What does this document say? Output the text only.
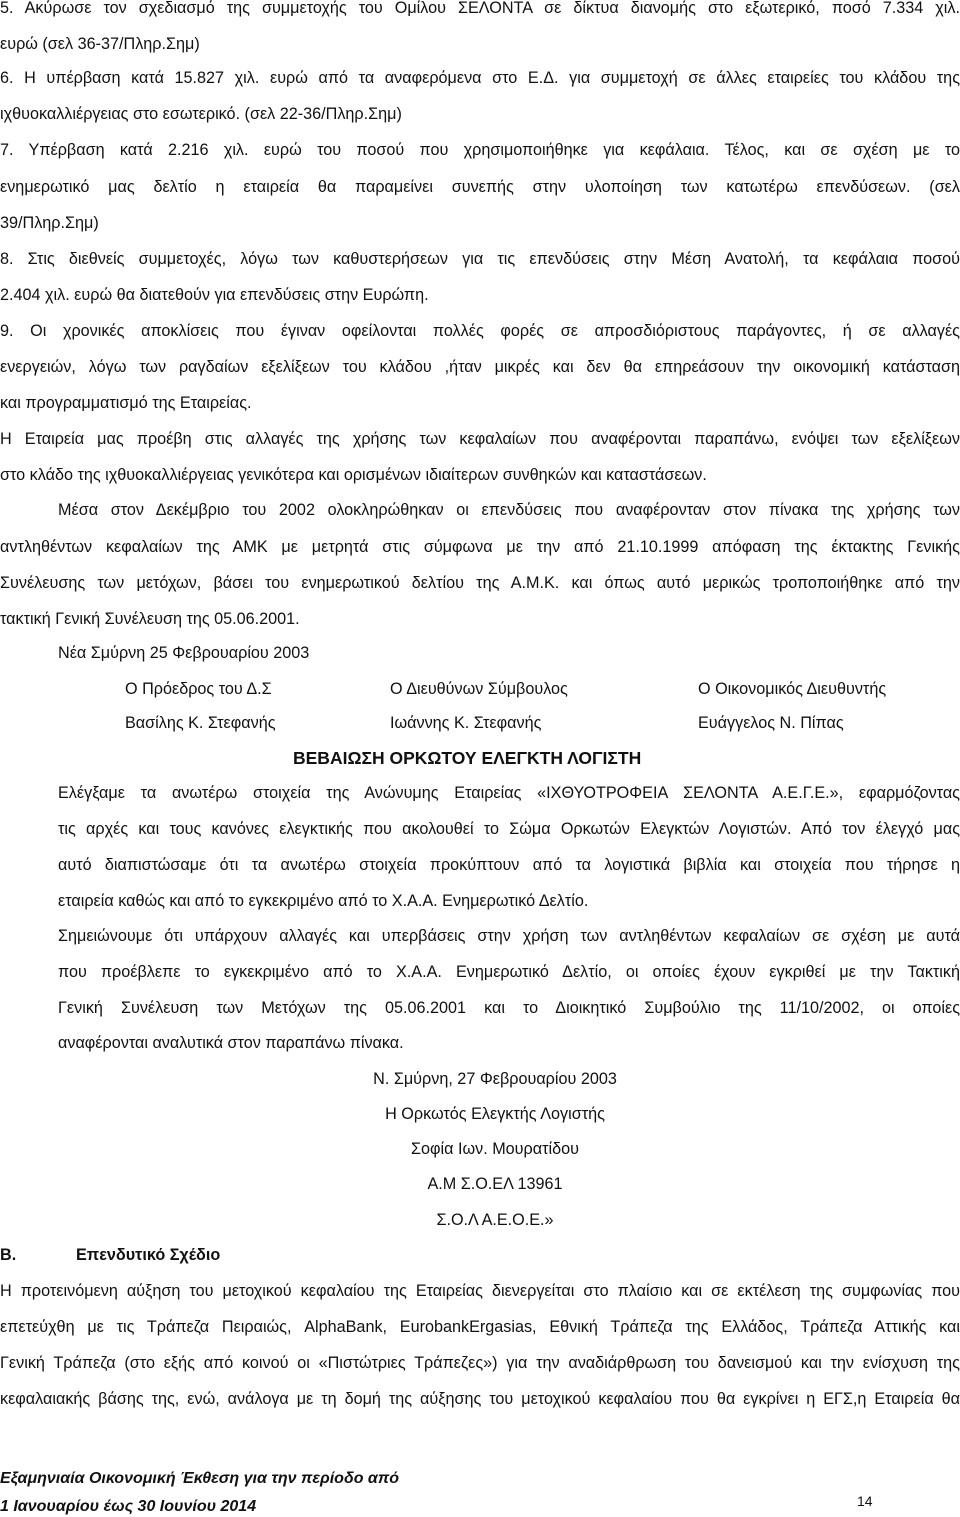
5. Ακύρωσε τον σχεδιασμό της συμμετοχής του Ομίλου ΣΕΛΟΝΤΑ σε δίκτυα διανομής στο εξωτερικό, ποσό 7.334 χιλ.
ευρώ (σελ 36-37/Πληρ.Σημ)
6. Η υπέρβαση κατά 15.827 χιλ. ευρώ από τα αναφερόμενα στο Ε.Δ. για συμμετοχή σε άλλες εταιρείες του κλάδου της
ιχθυοκαλλιέργειας στο εσωτερικό. (σελ 22-36/Πληρ.Σημ)
7. Υπέρβαση κατά 2.216 χιλ. ευρώ του ποσού που χρησιμοποιήθηκε για κεφάλαια. Τέλος, και σε σχέση με το
ενημερωτικό μας δελτίο η εταιρεία θα παραμείνει συνεπής στην υλοποίηση των κατωτέρω επενδύσεων. (σελ
39/Πληρ.Σημ)
8. Στις διεθνείς συμμετοχές, λόγω των καθυστερήσεων για τις επενδύσεις στην Μέση Ανατολή, τα κεφάλαια ποσού
2.404 χιλ. ευρώ θα διατεθούν για επενδύσεις στην Ευρώπη.
9. Οι χρονικές αποκλίσεις που έγιναν οφείλονται πολλές φορές σε απροσδιόριστους παράγοντες, ή σε αλλαγές
ενεργειών, λόγω των ραγδαίων εξελίξεων του κλάδου ,ήταν μικρές και δεν θα επηρεάσουν την οικονομική κατάσταση
και προγραμματισμό της Εταιρείας.
Η Εταιρεία μας προέβη στις αλλαγές της χρήσης των κεφαλαίων που αναφέρονται παραπάνω, ενόψει των εξελίξεων
στο κλάδο της ιχθυοκαλλιέργειας γενικότερα και ορισμένων ιδιαίτερων συνθηκών και καταστάσεων.
Μέσα στον Δεκέμβριο του 2002 ολοκληρώθηκαν οι επενδύσεις που αναφέρονταν στον πίνακα της χρήσης των
αντληθέντων κεφαλαίων της ΑΜΚ με μετρητά στις σύμφωνα με την από 21.10.1999 απόφαση της έκτακτης Γενικής
Συνέλευσης των μετόχων, βάσει του ενημερωτικού δελτίου της Α.Μ.Κ. και όπως αυτό μερικώς τροποποιήθηκε από την
τακτική Γενική Συνέλευση της 05.06.2001.
Νέα Σμύρνη 25 Φεβρουαρίου 2003
Ο Πρόεδρος του Δ.Σ	Ο Διευθύνων Σύμβουλος	Ο Οικονομικός Διευθυντής
Βασίλης Κ. Στεφανής	Ιωάννης Κ. Στεφανής	Ευάγγελος Ν. Πίπας
ΒΕΒΑΙΩΣΗ ΟΡΚΩΤΟΥ ΕΛΕΓΚΤΗ ΛΟΓΙΣΤΗ
Ελέγξαμε τα ανωτέρω στοιχεία της Ανώνυμης Εταιρείας «ΙΧΘΥΟΤΡΟΦΕΙΑ ΣΕΛΟΝΤΑ Α.Ε.Γ.Ε.», εφαρμόζοντας
τις αρχές και τους κανόνες ελεγκτικής που ακολουθεί το Σώμα Ορκωτών Ελεγκτών Λογιστών. Από τον έλεγχό μας
αυτό διαπιστώσαμε ότι τα ανωτέρω στοιχεία προκύπτουν από τα λογιστικά βιβλία και στοιχεία που τήρησε η
εταιρεία καθώς και από το εγκεκριμένο από το Χ.Α.Α. Ενημερωτικό Δελτίο.
Σημειώνουμε ότι υπάρχουν αλλαγές και υπερβάσεις στην χρήση των αντληθέντων κεφαλαίων σε σχέση με αυτά
που προέβλεπε το εγκεκριμένο από το Χ.Α.Α. Ενημερωτικό Δελτίο, οι οποίες έχουν εγκριθεί με την Τακτική
Γενική Συνέλευση των Μετόχων της 05.06.2001 και το Διοικητικό Συμβούλιο της 11/10/2002, οι οποίες
αναφέρονται αναλυτικά στον παραπάνω πίνακα.
Ν. Σμύρνη, 27 Φεβρουαρίου 2003
Η Ορκωτός Ελεγκτής Λογιστής
Σοφία Ιων. Μουρατίδου
Α.Μ Σ.Ο.ΕΛ 13961
Σ.Ο.Λ Α.Ε.Ο.Ε.»
Β.	Επενδυτικό Σχέδιο
Η προτεινόμενη αύξηση του μετοχικού κεφαλαίου της Εταιρείας διενεργείται στο πλαίσιο και σε εκτέλεση της συμφωνίας που
επετεύχθη με τις Τράπεζα Πειραιώς, AlphaBank, EurobankErgasias, Εθνική Τράπεζα της Ελλάδος, Τράπεζα Αττικής και
Γενική Τράπεζα (στο εξής από κοινού οι «Πιστώτριες Τράπεζες») για την αναδιάρθρωση του δανεισμού και την ενίσχυση της
κεφαλαιακής βάσης της, ενώ, ανάλογα με τη δομή της αύξησης του μετοχικού κεφαλαίου που θα εγκρίνει η ΕΓΣ,η Εταιρεία θα
Εξαμηνιαία Οικονομική Έκθεση για την περίοδο από
1 Ιανουαρίου έως 30 Ιουνίου 2014	14
